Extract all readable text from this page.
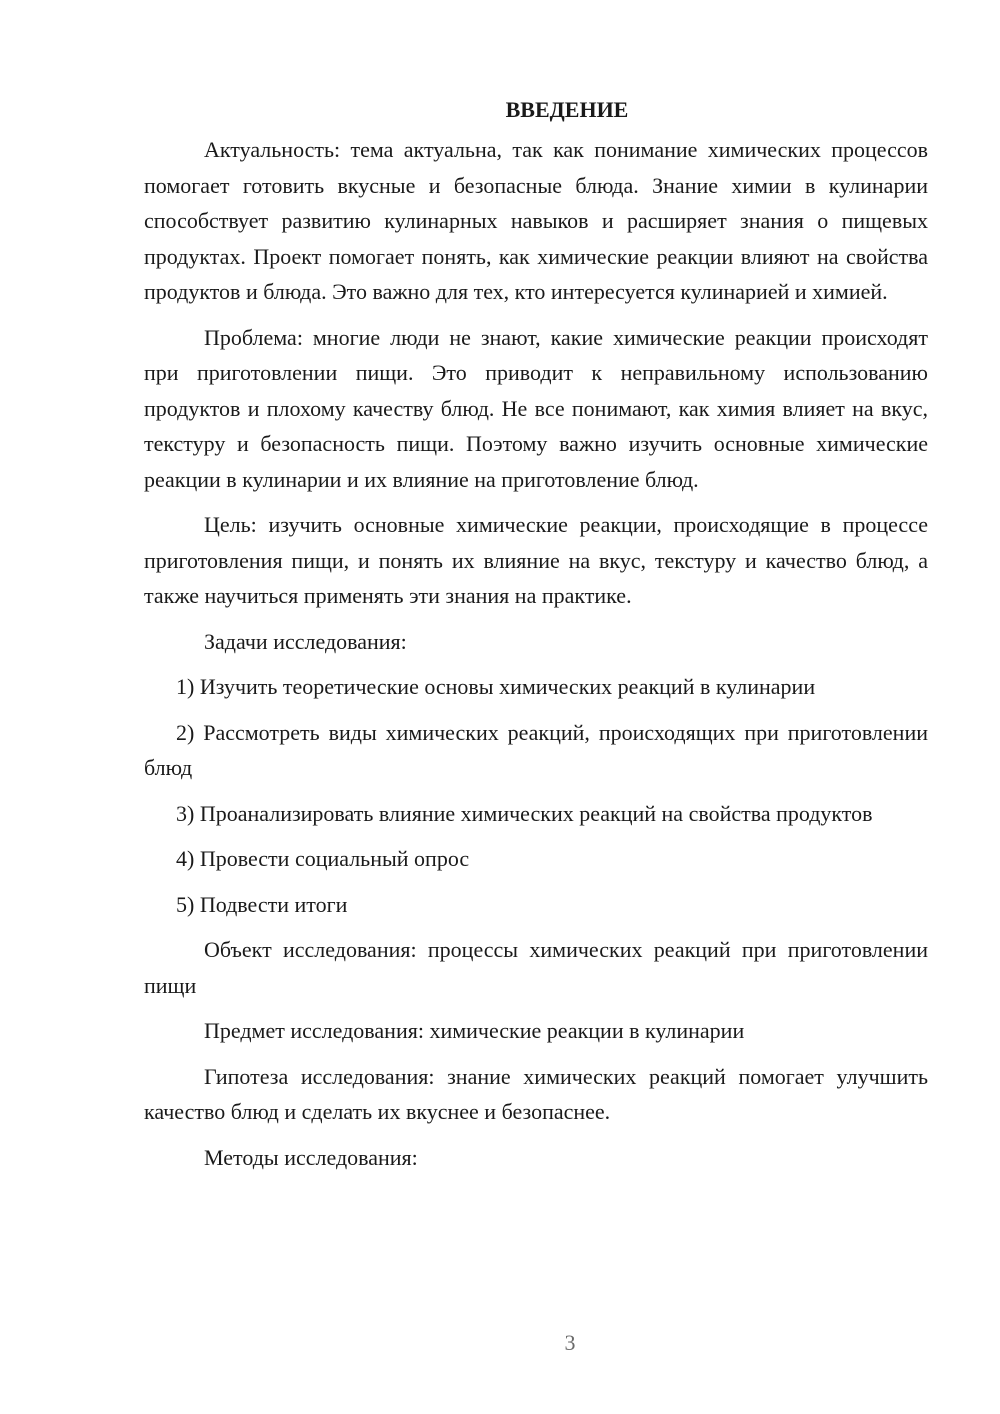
ВВЕДЕНИЕ

Актуальность: тема актуальна, так как понимание химических процессов помогает готовить вкусные и безопасные блюда. Знание химии в кулинарии способствует развитию кулинарных навыков и расширяет знания о пищевых продуктах. Проект помогает понять, как химические реакции влияют на свойства продуктов и блюда. Это важно для тех, кто интересуется кулинарией и химией.

Проблема: многие люди не знают, какие химические реакции происходят при приготовлении пищи. Это приводит к неправильному использованию продуктов и плохому качеству блюд. Не все понимают, как химия влияет на вкус, текстуру и безопасность пищи. Поэтому важно изучить основные химические реакции в кулинарии и их влияние на приготовление блюд.

Цель: изучить основные химические реакции, происходящие в процессе приготовления пищи, и понять их влияние на вкус, текстуру и качество блюд, а также научиться применять эти знания на практике.

Задачи исследования:

1) Изучить теоретические основы химических реакций в кулинарии

2) Рассмотреть виды химических реакций, происходящих при приготовлении блюд

3) Проанализировать влияние химических реакций на свойства продуктов

4) Провести социальный опрос

5) Подвести итоги

Объект исследования: процессы химических реакций при приготовлении пищи

Предмет исследования: химические реакции в кулинарии

Гипотеза исследования: знание химических реакций помогает улучшить качество блюд и сделать их вкуснее и безопаснее.

Методы исследования:

3
